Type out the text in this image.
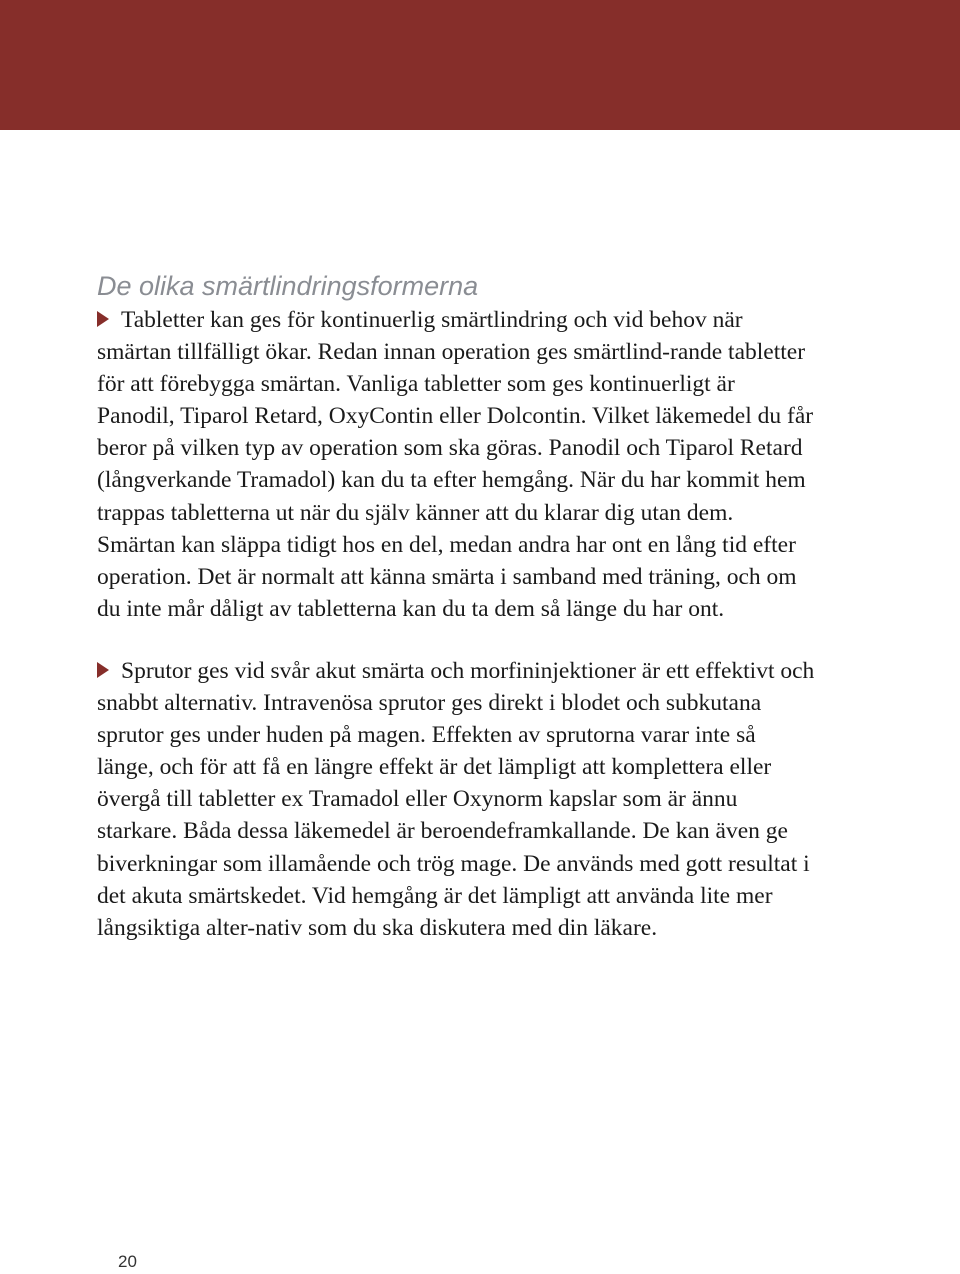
De olika smärtlindringsformerna

Tabletter kan ges för kontinuerlig smärtlindring och vid behov när smärtan tillfälligt ökar. Redan innan operation ges smärtlind-rande tabletter för att förebygga smärtan. Vanliga tabletter som ges kontinuerligt är Panodil, Tiparol Retard, OxyContin eller Dolcontin. Vilket läkemedel du får beror på vilken typ av operation som ska göras. Panodil och Tiparol Retard (långverkande Tramadol) kan du ta efter hemgång. När du har kommit hem trappas tabletterna ut när du själv känner att du klarar dig utan dem. Smärtan kan släppa tidigt hos en del, medan andra har ont en lång tid efter operation. Det är normalt att känna smärta i samband med träning, och om du inte mår dåligt av tabletterna kan du ta dem så länge du har ont.

Sprutor ges vid svår akut smärta och morfininjektioner är ett effektivt och snabbt alternativ. Intravenösa sprutor ges direkt i blodet och subkutana sprutor ges under huden på magen. Effekten av sprutorna varar inte så länge, och för att få en längre effekt är det lämpligt att komplettera eller övergå till tabletter ex Tramadol eller Oxynorm kapslar som är ännu starkare. Båda dessa läkemedel är beroendeframkallande. De kan även ge biverkningar som illamående och trög mage. De används med gott resultat i det akuta smärtskedet. Vid hemgång är det lämpligt att använda lite mer långsiktiga alter-nativ som du ska diskutera med din läkare.

20
